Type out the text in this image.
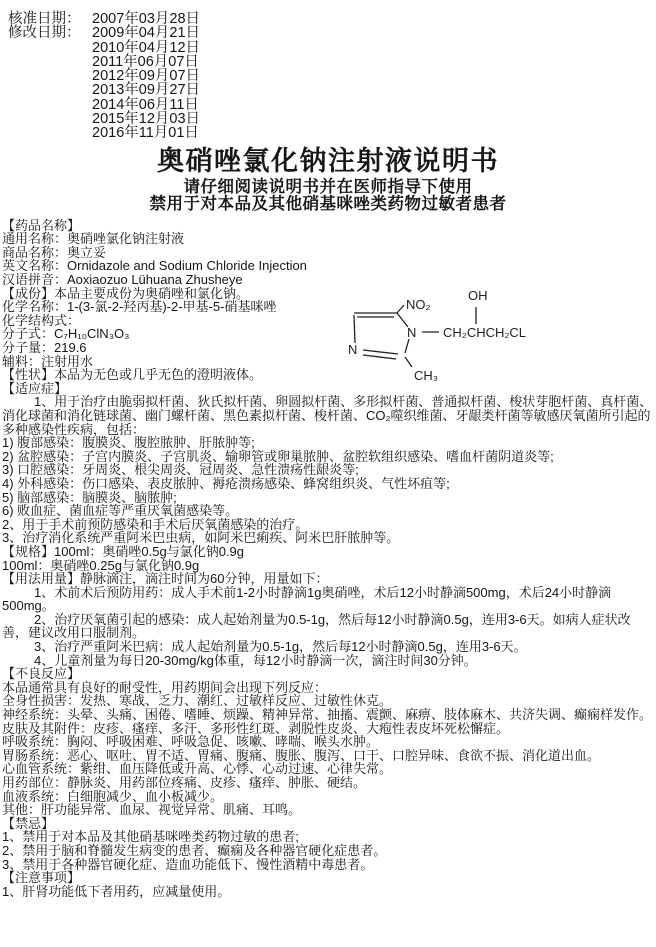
核准日期： 2007年03月28日
修改日期： 2009年04月21日
2010年04月12日
2011年06月07日
2012年09月07日
2013年09月27日
2014年06月11日
2015年12月03日
2016年11月01日
奥硝唑氯化钠注射液说明书
请仔细阅读说明书并在医师指导下使用
禁用于对本品及其他硝基咪唑类药物过敏者患者

【药品名称】

通用名称：奥硝唑氯化钠注射液

商品名称：奥立妥

英文名称：Ornidazole and Sodium Chloride Injection

汉语拼音：Aoxiaozuo Lühuana Zhusheye

【成份】本品主要成份为奥硝唑和氯化钠。

化学名称：1-(3-氯-2-羟丙基)-2-甲基-5-硝基咪唑

化学结构式：

NO₂
OH
N
N
CH₃
CH₂CHCH₂CL

分子式：C₇H₁₀ClN₃O₃

分子量：219.6

辅料：注射用水

【性状】本品为无色或几乎无色的澄明液体。

【适应症】

1、用于治疗由脆弱拟杆菌、狄氏拟杆菌、卵圆拟杆菌、多形拟杆菌、普通拟杆菌、梭状芽胞杆菌、真杆菌、消化球菌和消化链球菌、幽门螺杆菌、黑色素拟杆菌、梭杆菌、CO₂噬织维菌、牙龈类杆菌等敏感厌氧菌所引起的多种感染性疾病，包括：

1) 腹部感染：腹膜炎、腹腔脓肿、肝脓肿等;

2) 盆腔感染：子宫内膜炎、子宫肌炎、输卵管或卵巢脓肿、盆腔软组织感染、嗜血杆菌阴道炎等;

3) 口腔感染：牙周炎、根尖周炎、冠周炎、急性溃疡性龈炎等;

4) 外科感染：伤口感染、表皮脓肿、褥疮溃疡感染、蜂窝组织炎、气性坏疽等;

5) 脑部感染：脑膜炎、脑脓肿;

6) 败血症、菌血症等严重厌氧菌感染等。

2、用于手术前预防感染和手术后厌氧菌感染的治疗。

3、治疗消化系统严重阿米巴虫病，如阿米巴痢疾、阿米巴肝脓肿等。

【规格】100ml：奥硝唑0.5g与氯化钠0.9g

100ml：奥硝唑0.25g与氯化钠0.9g

【用法用量】静脉滴注，滴注时间为60分钟，用量如下：

1、术前术后预防用药：成人手术前1-2小时静滴1g奥硝唑，术后12小时静滴500mg，术后24小时静滴500mg。

2、治疗厌氧菌引起的感染：成人起始剂量为0.5-1g，然后每12小时静滴0.5g，连用3-6天。如病人症状改善，建议改用口服制剂。

3、治疗严重阿米巴病：成人起始剂量为0.5-1g，然后每12小时静滴0.5g，连用3-6天。

4、儿童剂量为每日20-30mg/kg体重，每12小时静滴一次，滴注时间30分钟。

【不良反应】

本品通常具有良好的耐受性，用药期间会出现下列反应：

全身性损害：发热、寒战、乏力、潮红、过敏样反应、过敏性休克。

神经系统：头晕、头痛、困倦、嗜睡、烦躁、精神异常、抽搐、震颤、麻痹、肢体麻木、共济失调、癫痫样发作。

皮肤及其附件：皮疹、瘙痒、多汗、多形性红斑、剥脱性皮炎、大疱性表皮坏死松懈症。

呼吸系统：胸闷、呼吸困难、呼吸急促、咳嗽、哮喘、喉头水肿。

胃肠系统：恶心、呕吐、胃不适、胃痛、腹痛、腹胀、腹泻、口干、口腔异味、食欲不振、消化道出血。

心血管系统：紫绀、血压降低或升高、心悸、心动过速、心律失常。

用药部位：静脉炎、用药部位疼痛、皮疹、瘙痒、肿胀、硬结。

血液系统：白细胞减少、血小板减少。

其他：肝功能异常、血尿、视觉异常、肌痛、耳鸣。

【禁忌】

1、禁用于对本品及其他硝基咪唑类药物过敏的患者;

2、禁用于脑和脊髓发生病变的患者、癫痫及各种器官硬化症患者。

3、禁用于各种器官硬化症、造血功能低下、慢性酒精中毒患者。

【注意事项】

1、肝肾功能低下者用药，应减量使用。
